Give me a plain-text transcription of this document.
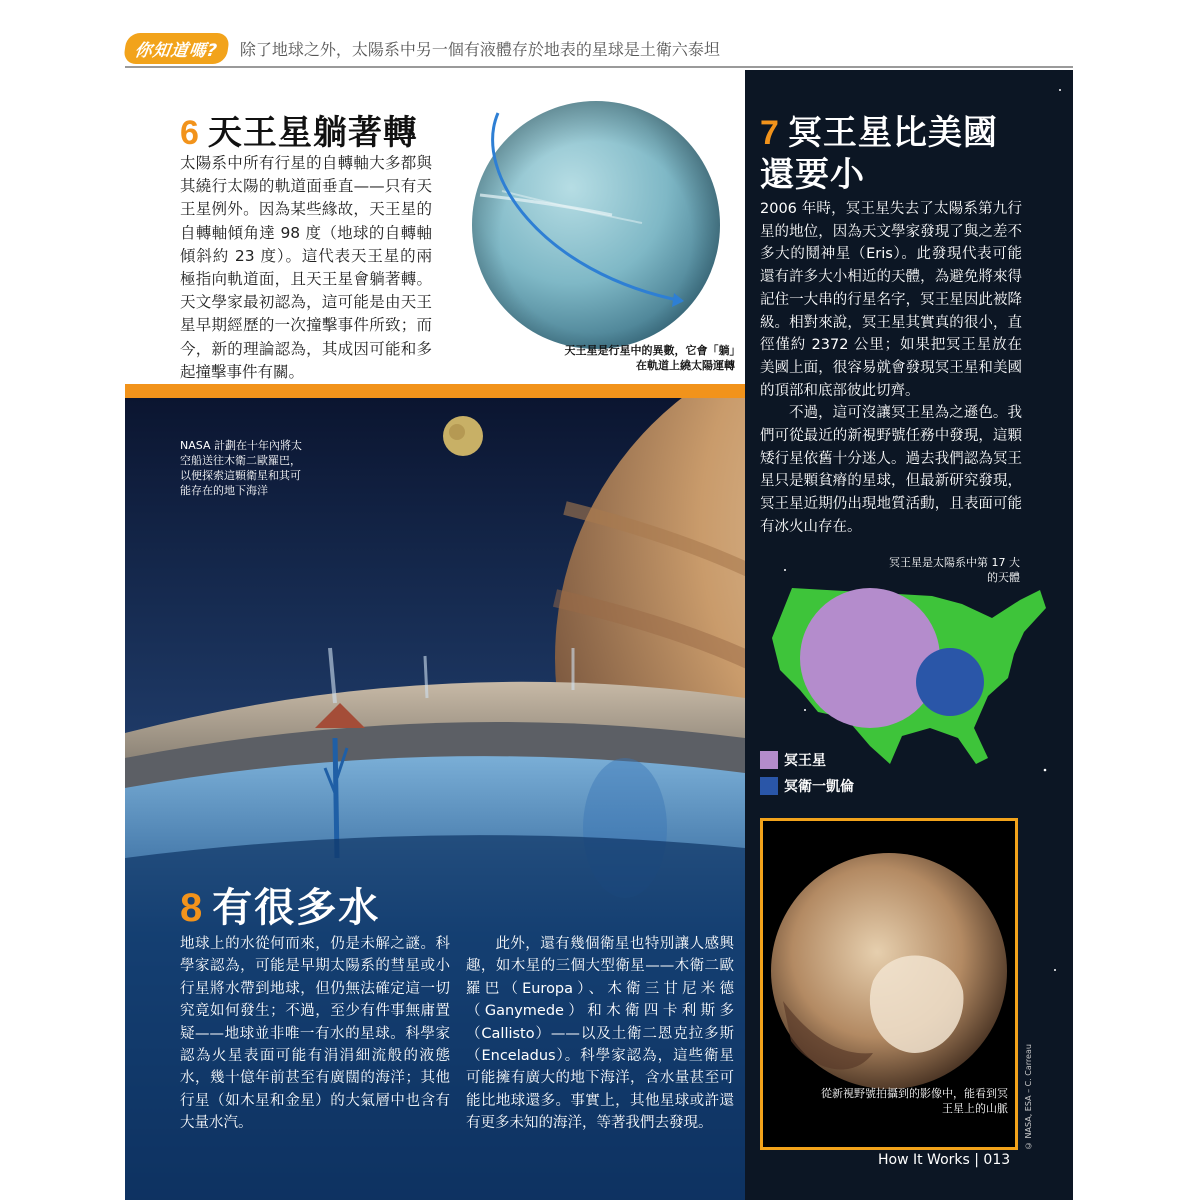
你知道嗎?	除了地球之外，太陽系中另一個有液體存於地表的星球是土衛六泰坦
6 天王星躺著轉
太陽系中所有行星的自轉軸大多都與其繞行太陽的軌道面垂直——只有天王星例外。因為某些緣故，天王星的自轉軸傾角達 98 度（地球的自轉軸傾斜約 23 度）。這代表天王星的兩極指向軌道面，且天王星會躺著轉。天文學家最初認為，這可能是由天王星早期經歷的一次撞擊事件所致；而今，新的理論認為，其成因可能和多起撞擊事件有關。
天王星是行星中的異數，它會「躺」在軌道上繞太陽運轉
NASA 計劃在十年內將太空船送往木衛二歐羅巴，以便探索這顆衛星和其可能存在的地下海洋
8 有很多水
地球上的水從何而來，仍是未解之謎。科學家認為，可能是早期太陽系的彗星或小行星將水帶到地球，但仍無法確定這一切究竟如何發生；不過，至少有件事無庸置疑——地球並非唯一有水的星球。科學家認為火星表面可能有涓涓細流般的液態水，幾十億年前甚至有廣闊的海洋；其他行星（如木星和金星）的大氣層中也含有大量水汽。
此外，還有幾個衛星也特別讓人感興趣，如木星的三個大型衛星——木衛二歐羅巴（Europa）、木衛三甘尼米德（Ganymede）和木衛四卡利斯多（Callisto）——以及土衛二恩克拉多斯（Enceladus）。科學家認為，這些衛星可能擁有廣大的地下海洋，含水量甚至可能比地球還多。事實上，其他星球或許還有更多未知的海洋，等著我們去發現。
7 冥王星比美國
還要小

2006 年時，冥王星失去了太陽系第九行星的地位，因為天文學家發現了與之差不多大的鬩神星（Eris）。此發現代表可能還有許多大小相近的天體，為避免將來得記住一大串的行星名字，冥王星因此被降級。相對來說，冥王星其實真的很小，直徑僅約 2372 公里；如果把冥王星放在美國上面，很容易就會發現冥王星和美國的頂部和底部彼此切齊。

不過，這可沒讓冥王星為之遜色。我們可從最近的新視野號任務中發現，這顆矮行星依舊十分迷人。過去我們認為冥王星只是顆貧瘠的星球，但最新研究發現，冥王星近期仍出現地質活動，且表面可能有冰火山存在。

冥王星是太陽系中第 17 大的天體
冥王星
冥衛一凱倫
從新視野號拍攝到的影像中，能看到冥王星上的山脈 © NASA, ESA – C. Carreau
How It Works | 013
